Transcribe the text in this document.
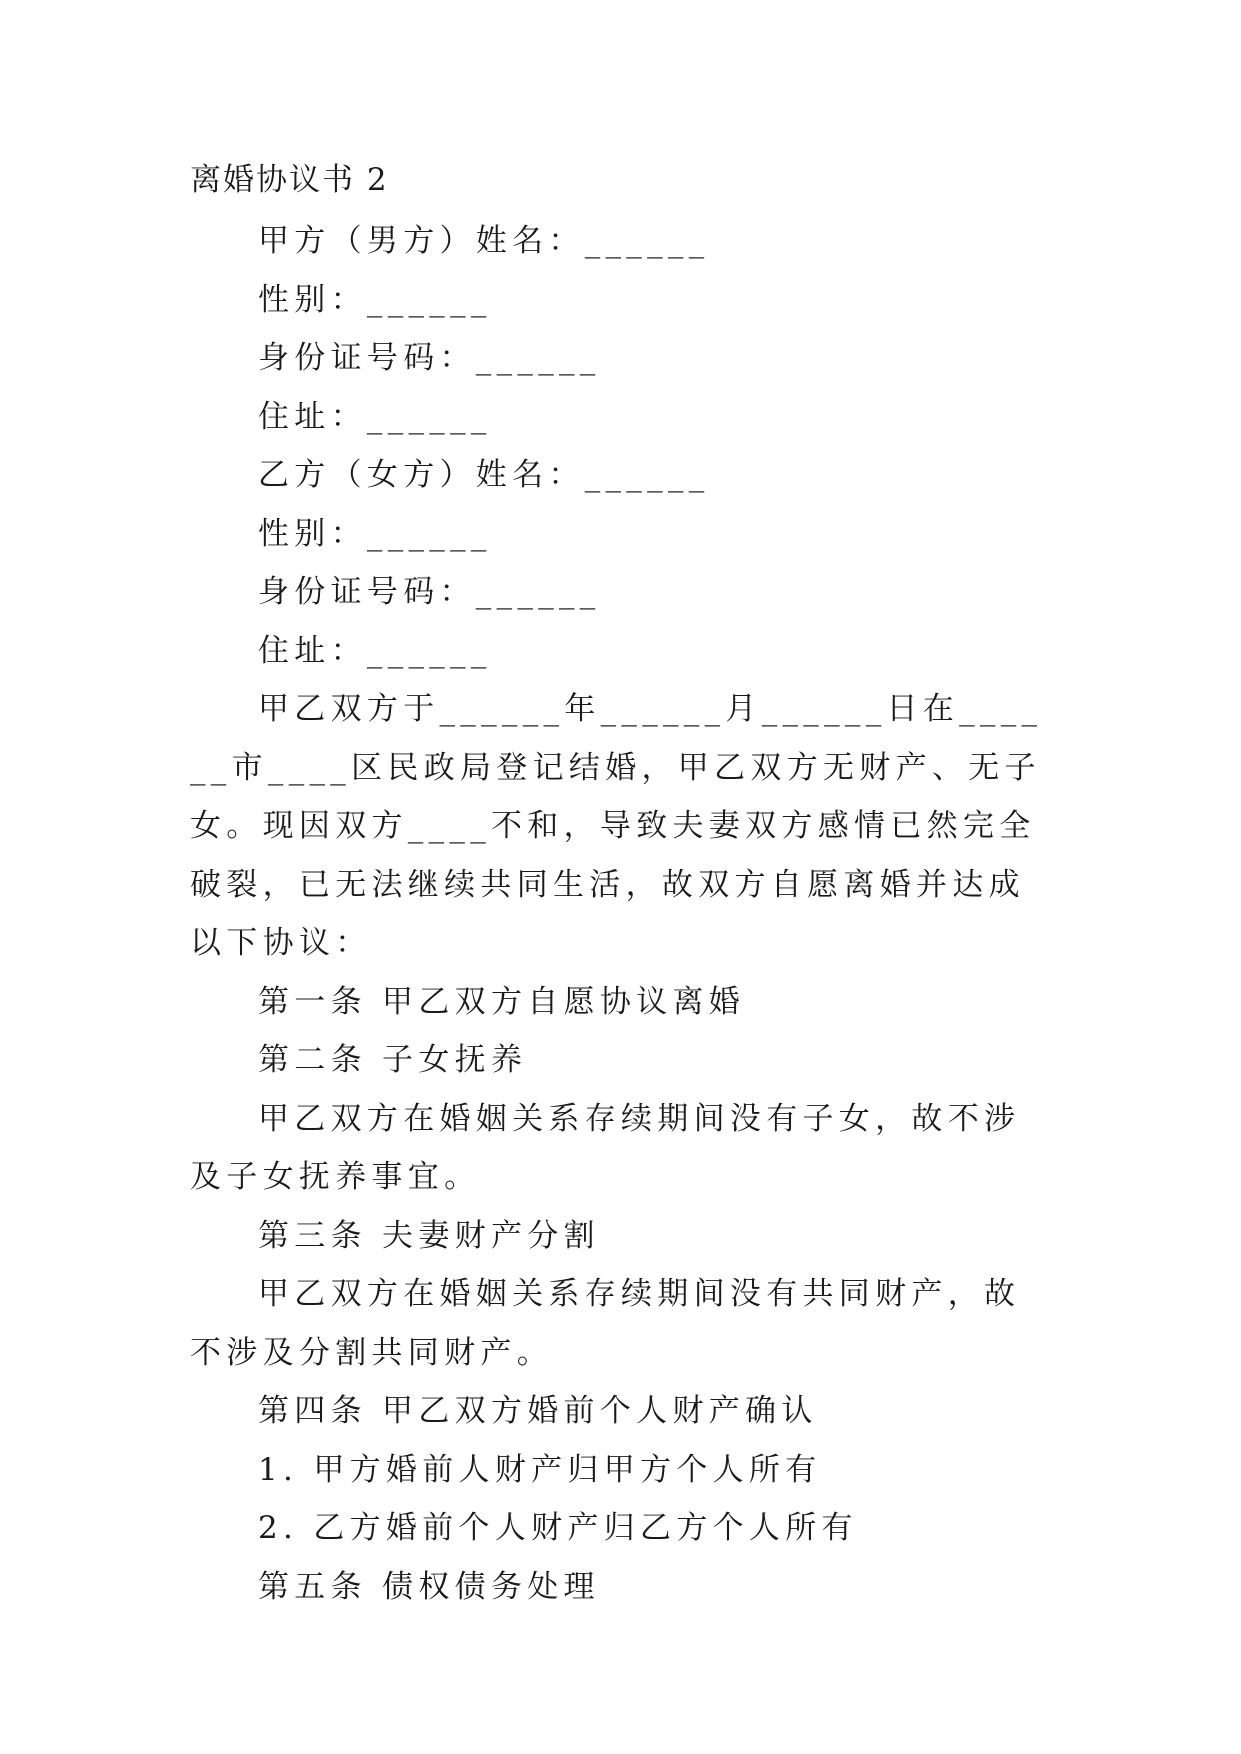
离婚协议书 2

甲方（男方）姓名：______

性别：______

身份证号码：______

住址：______

乙方（女方）姓名：______

性别：______

身份证号码：______

住址：______

甲乙双方于______年______月______日在______市____区民政局登记结婚，甲乙双方无财产、无子女。现因双方____不和，导致夫妻双方感情已然完全破裂，已无法继续共同生活，故双方自愿离婚并达成以下协议：

第一条 甲乙双方自愿协议离婚

第二条 子女抚养

甲乙双方在婚姻关系存续期间没有子女，故不涉及子女抚养事宜。

第三条 夫妻财产分割

甲乙双方在婚姻关系存续期间没有共同财产，故不涉及分割共同财产。

第四条 甲乙双方婚前个人财产确认

1. 甲方婚前人财产归甲方个人所有

2. 乙方婚前个人财产归乙方个人所有

第五条 债权债务处理
